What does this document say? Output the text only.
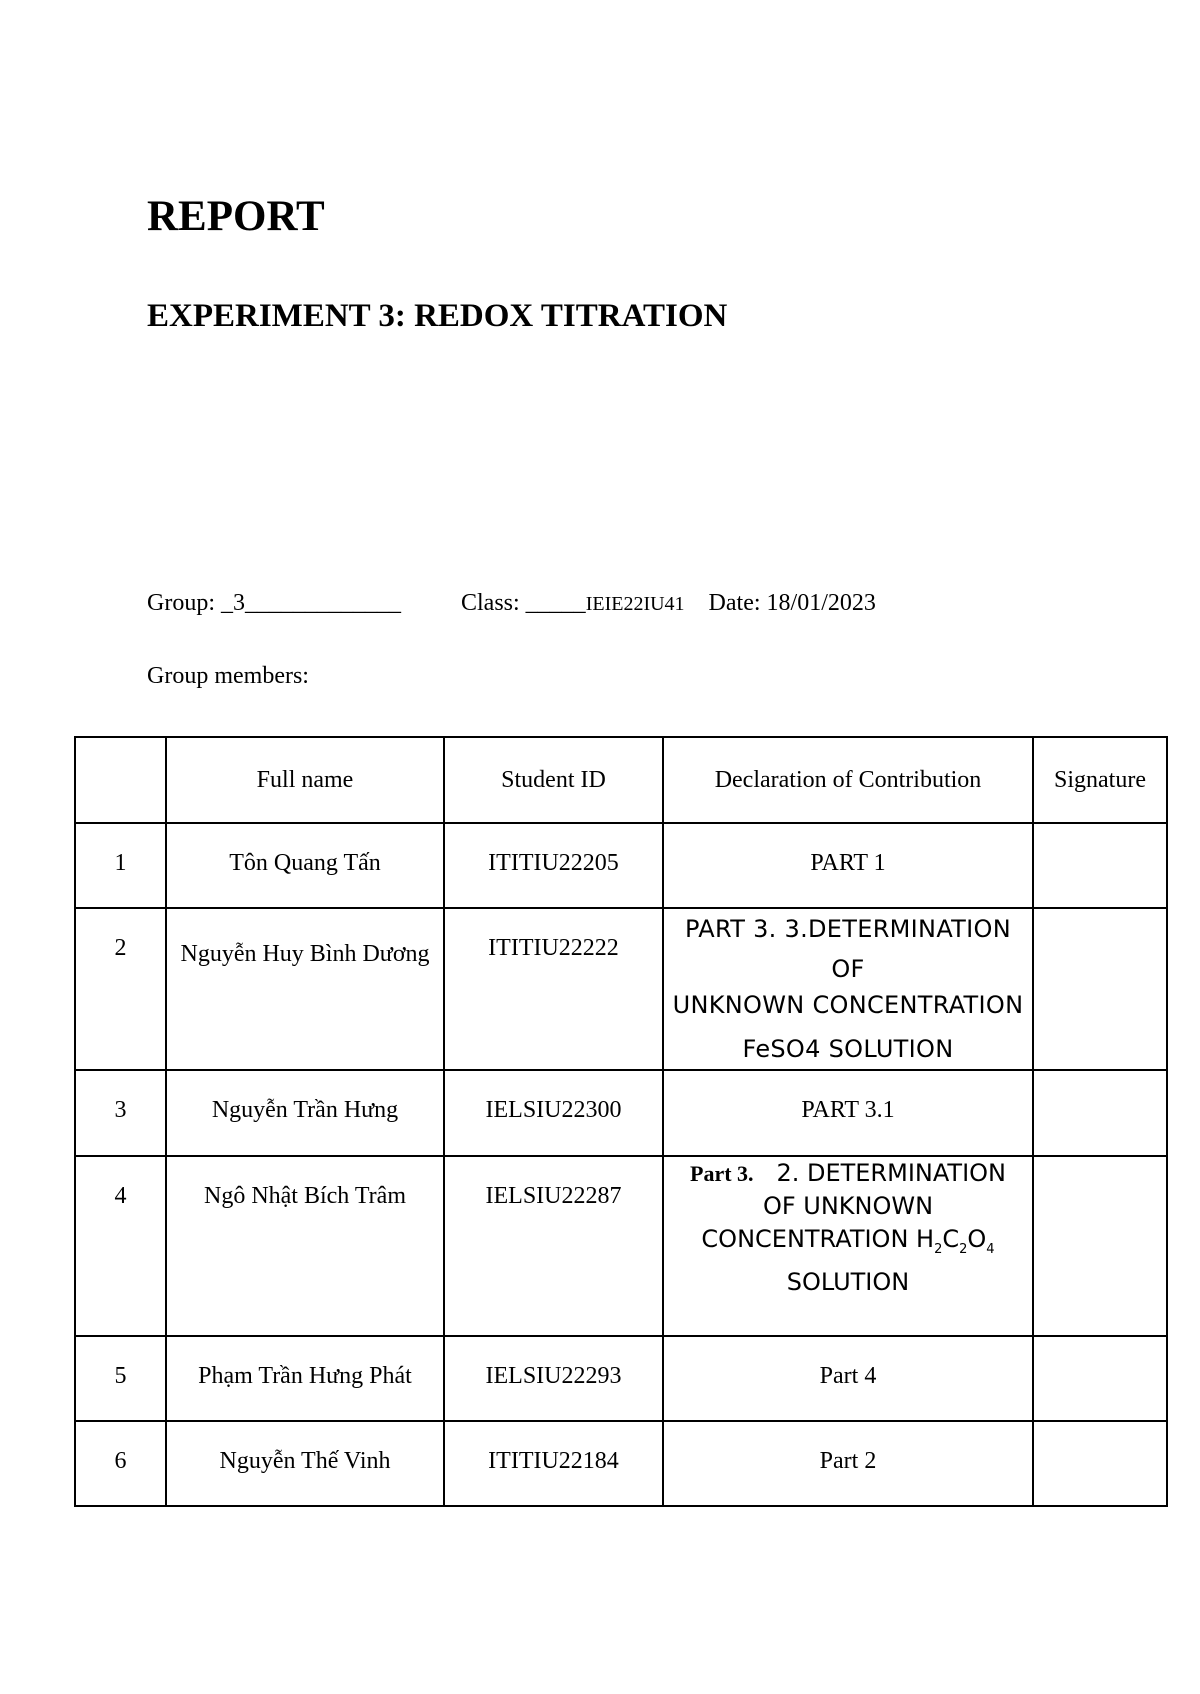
REPORT
EXPERIMENT 3: REDOX TITRATION
Group: _3_____________	Class: _____IEIE22IU41 Date: 18/01/2023
Group members:
	Full name	Student ID	Declaration of Contribution	Signature
1	Tôn Quang Tấn	ITITIU22205	PART 1	
2	Nguyễn Huy Bình Dương	ITITIU22222	PART 3. 3.DETERMINATION OF
UNKNOWN CONCENTRATION
FeSO4 SOLUTION	

3	Nguyễn Trần Hưng	IELSIU22300	PART 3.1	
4	Ngô Nhật Bích Trâm	IELSIU22287	Part 3. 2. DETERMINATION
OF UNKNOWN
CONCENTRATION $H_2C_2O_4$
SOLUTION	

5	Phạm Trần Hưng Phát	IELSIU22293	Part 4	
6	Nguyễn Thế Vinh	ITITIU22184	Part 2	
